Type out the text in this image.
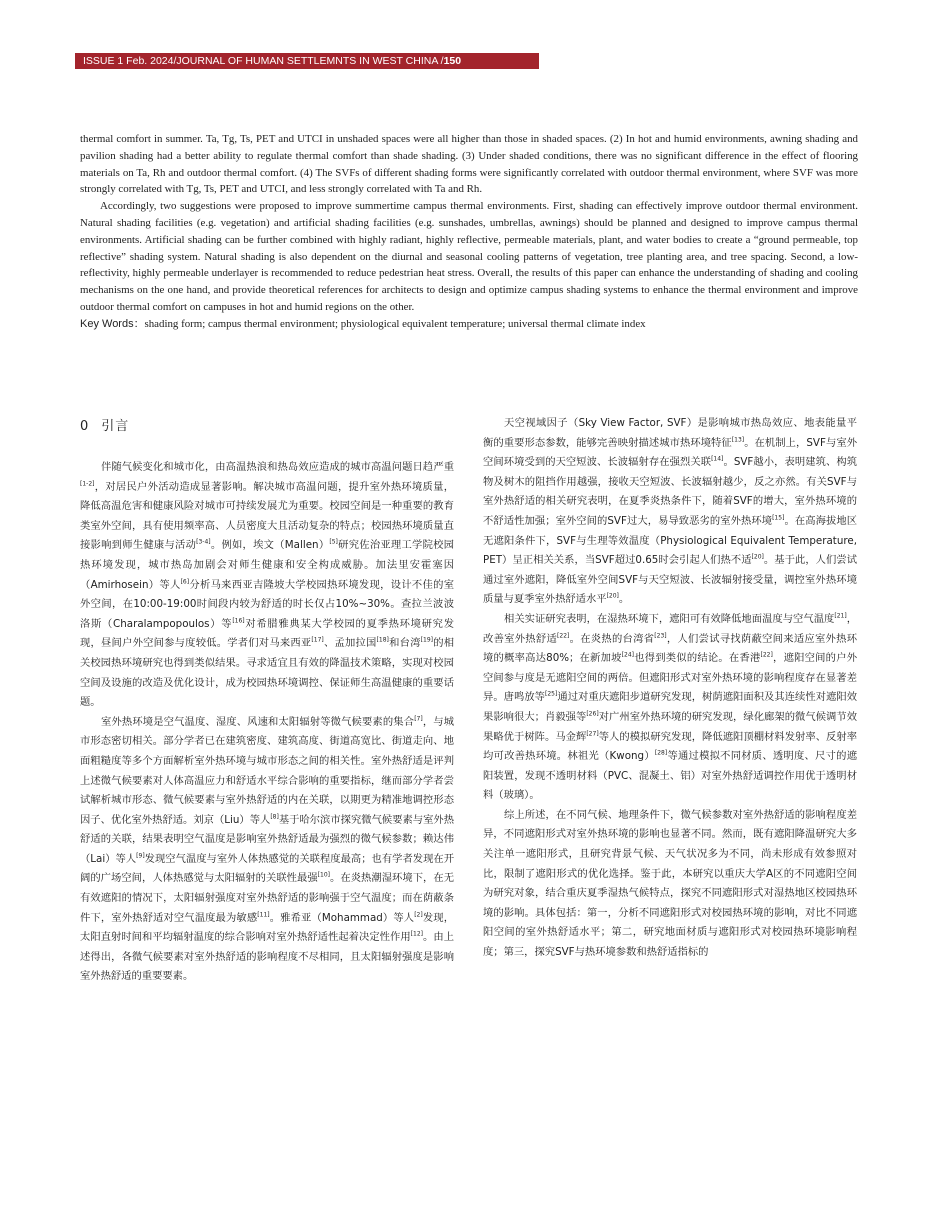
ISSUE 1 Feb. 2024/JOURNAL OF HUMAN SETTLEMNTS IN WEST CHINA /150

thermal comfort in summer. Ta, Tg, Ts, PET and UTCI in unshaded spaces were all higher than those in shaded spaces. (2) In hot and humid environments, awning shading and pavilion shading had a better ability to regulate thermal comfort than shade shading. (3) Under shaded conditions, there was no significant difference in the effect of flooring materials on Ta, Rh and outdoor thermal comfort. (4) The SVFs of different shading forms were significantly correlated with outdoor thermal environment, where SVF was more strongly correlated with Tg, Ts, PET and UTCI, and less strongly correlated with Ta and Rh.

Accordingly, two suggestions were proposed to improve summertime campus thermal environments. First, shading can effectively improve outdoor thermal environment. Natural shading facilities (e.g. vegetation) and artificial shading facilities (e.g. sunshades, umbrellas, awnings) should be planned and designed to improve campus thermal environments. Artificial shading can be further combined with highly radiant, highly reflective, permeable materials, plant, and water bodies to create a “ground permeable, top reflective” shading system. Natural shading is also dependent on the diurnal and seasonal cooling patterns of vegetation, tree planting area, and tree spacing. Second, a low-reflectivity, highly permeable underlayer is recommended to reduce pedestrian heat stress. Overall, the results of this paper can enhance the understanding of shading and cooling mechanisms on the one hand, and provide theoretical references for architects to design and optimize campus shading systems to enhance the thermal environment and improve outdoor thermal comfort on campuses in hot and humid regions on the other.

Key Words：shading form; campus thermal environment; physiological equivalent temperature; universal thermal climate index

0 引言

伴随气候变化和城市化，由高温热浪和热岛效应造成的城市高温问题日趋严重[1-2]，对居民户外活动造成显著影响。解决城市高温问题，提升室外热环境质量，降低高温危害和健康风险对城市可持续发展尤为重要。校园空间是一种重要的教育类室外空间，具有使用频率高、人员密度大且活动复杂的特点；校园热环境质量直接影响到师生健康与活动[3-4]。例如，埃文（Mallen）[5]研究佐治亚理工学院校园热环境发现，城市热岛加剧会对师生健康和安全构成威胁。加法里安霍塞因（Amirhosein）等人[6]分析马来西亚吉隆坡大学校园热环境发现，设计不佳的室外空间，在10:00-19:00时间段内较为舒适的时长仅占10%~30%。查拉兰波波洛斯（Charalampopoulos）等[16]对希腊雅典某大学校园的夏季热环境研究发现，昼间户外空间参与度较低。学者们对马来西亚[17]、孟加拉国[18]和台湾[19]的相关校园热环境研究也得到类似结果。寻求适宜且有效的降温技术策略，实现对校园空间及设施的改造及优化设计，成为校园热环境调控、保证师生高温健康的重要话题。

室外热环境是空气温度、湿度、风速和太阳辐射等微气候要素的集合[7]，与城市形态密切相关。部分学者已在建筑密度、建筑高度、街道高宽比、街道走向、地面粗糙度等多个方面解析室外热环境与城市形态之间的相关性。室外热舒适是评判上述微气候要素对人体高温应力和舒适水平综合影响的重要指标，继而部分学者尝试解析城市形态、微气候要素与室外热舒适的内在关联，以期更为精准地调控形态因子、优化室外热舒适。刘京（Liu）等人[8]基于哈尔滨市探究微气候要素与室外热舒适的关联，结果表明空气温度是影响室外热舒适最为强烈的微气候参数；赖达伟（Lai）等人[9]发现空气温度与室外人体热感觉的关联程度最高；也有学者发现在开阔的广场空间，人体热感觉与太阳辐射的关联性最强[10]。在炎热潮湿环境下，在无有效遮阳的情况下，太阳辐射强度对室外热舒适的影响强于空气温度；而在荫蔽条件下，室外热舒适对空气温度最为敏感[11]。雅希亚（Mohammad）等人[2]发现，太阳直射时间和平均辐射温度的综合影响对室外热舒适性起着决定性作用[12]。由上述得出，各微气候要素对室外热舒适的影响程度不尽相同，且太阳辐射强度是影响室外热舒适的重要要素。

天空视域因子（Sky View Factor, SVF）是影响城市热岛效应、地表能量平衡的重要形态参数，能够完善映射描述城市热环境特征[13]。在机制上，SVF与室外空间环境受到的天空短波、长波辐射存在强烈关联[14]。SVF越小，表明建筑、构筑物及树木的阻挡作用越强，接收天空短波、长波辐射越少，反之亦然。有关SVF与室外热舒适的相关研究表明，在夏季炎热条件下，随着SVF的增大，室外热环境的不舒适性加强；室外空间的SVF过大，易导致恶劣的室外热环境[15]。在高海拔地区无遮阳条件下，SVF与生理等效温度（Physiological Equivalent Temperature, PET）呈正相关关系，当SVF超过0.65时会引起人们热不适[20]。基于此，人们尝试通过室外遮阳，降低室外空间SVF与天空短波、长波辐射接受量，调控室外热环境质量与夏季室外热舒适水平[20]。

相关实证研究表明，在湿热环境下，遮阳可有效降低地面温度与空气温度[21]，改善室外热舒适[22]。在炎热的台湾省[23]，人们尝试寻找荫蔽空间来适应室外热环境的概率高达80%；在新加坡[24]也得到类似的结论。在香港[22]，遮阳空间的户外空间参与度是无遮阳空间的两倍。但遮阳形式对室外热环境的影响程度存在显著差异。唐鸣放等[25]通过对重庆遮阳步道研究发现，树荫遮阳面积及其连续性对遮阳效果影响很大；肖毅强等[26]对广州室外热环境的研究发现，绿化廊架的微气候调节效果略优于树阵。马金辉[27]等人的模拟研究发现，降低遮阳顶棚材料发射率、反射率均可改善热环境。林祖光（Kwong）[28]等通过模拟不同材质、透明度、尺寸的遮阳装置，发现不透明材料（PVC、混凝土、铝）对室外热舒适调控作用优于透明材料（玻璃）。

综上所述，在不同气候、地理条件下，微气候参数对室外热舒适的影响程度差异，不同遮阳形式对室外热环境的影响也显著不同。然而，既有遮阳降温研究大多关注单一遮阳形式，且研究背景气候、天气状况多为不同，尚未形成有效参照对比，限制了遮阳形式的优化选择。鉴于此，本研究以重庆大学A区的不同遮阳空间为研究对象，结合重庆夏季湿热气候特点，探究不同遮阳形式对湿热地区校园热环境的影响。具体包括：第一，分析不同遮阳形式对校园热环境的影响，对比不同遮阳空间的室外热舒适水平；第二，研究地面材质与遮阳形式对校园热环境影响程度；第三，探究SVF与热环境参数和热舒适指标的
